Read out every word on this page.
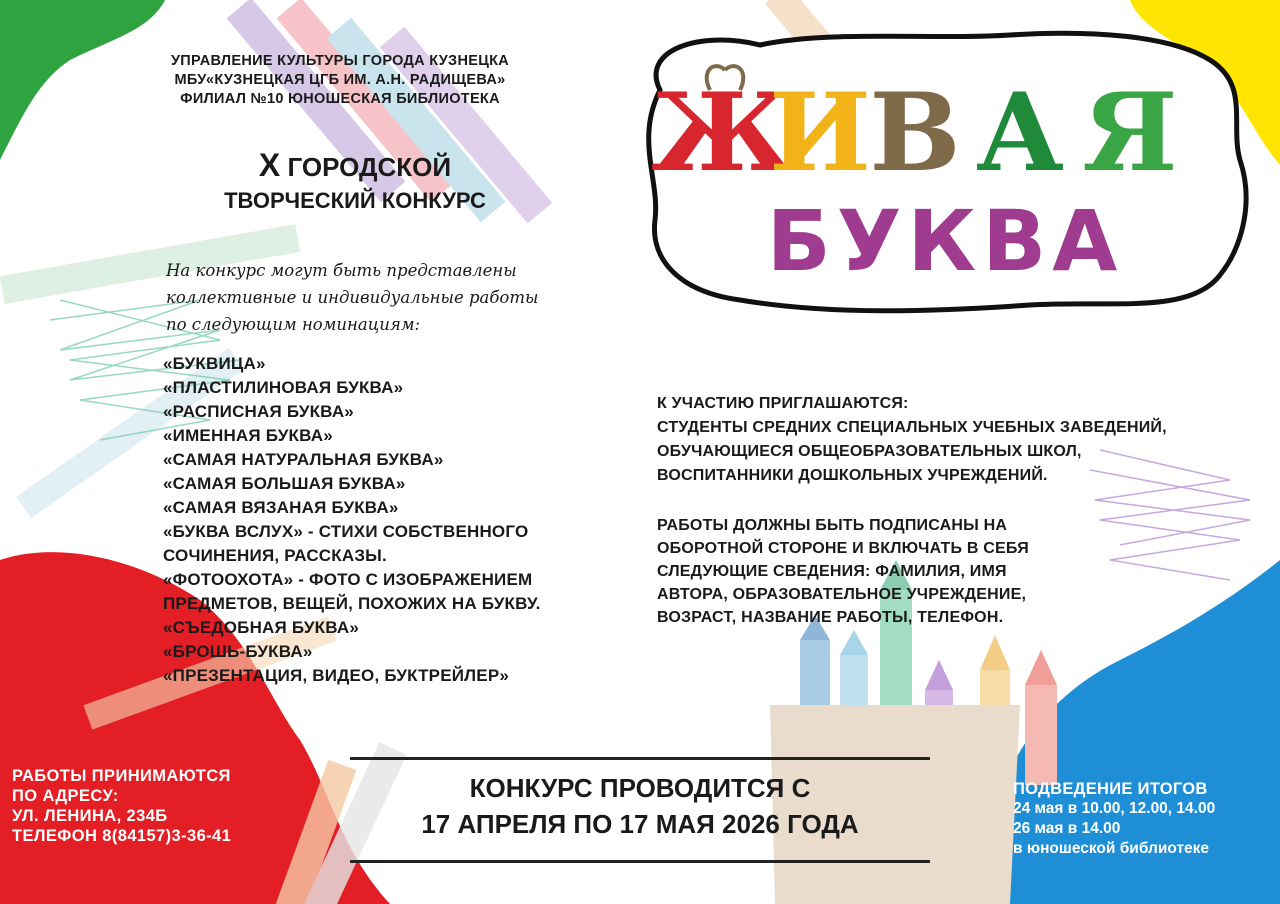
Ж
И
В А Я
БУКВА
УПРАВЛЕНИЕ КУЛЬТУРЫ ГОРОДА КУЗНЕЦКА
МБУ«КУЗНЕЦКАЯ ЦГБ ИМ. А.Н. РАДИЩЕВА»
ФИЛИАЛ №10 ЮНОШЕСКАЯ БИБЛИОТЕКА
Х ГОРОДСКОЙ
ТВОРЧЕСКИЙ КОНКУРС
На конкурс могут быть представлены
коллективные и индивидуальные работы
по следующим номинациям:
«БУКВИЦА»
«ПЛАСТИЛИНОВАЯ БУКВА»
«РАСПИСНАЯ БУКВА»
«ИМЕННАЯ БУКВА»
«САМАЯ НАТУРАЛЬНАЯ БУКВА»
«САМАЯ БОЛЬШАЯ БУКВА»
«САМАЯ ВЯЗАНАЯ БУКВА»
«БУКВА ВСЛУХ» - СТИХИ СОБСТВЕННОГО
СОЧИНЕНИЯ, РАССКАЗЫ.
«ФОТООХОТА» - ФОТО С ИЗОБРАЖЕНИЕМ
ПРЕДМЕТОВ, ВЕЩЕЙ, ПОХОЖИХ НА БУКВУ.
«СЪЕДОБНАЯ БУКВА»
«БРОШЬ-БУКВА»
«ПРЕЗЕНТАЦИЯ, ВИДЕО, БУКТРЕЙЛЕР»
К УЧАСТИЮ ПРИГЛАШАЮТСЯ:
СТУДЕНТЫ СРЕДНИХ СПЕЦИАЛЬНЫХ УЧЕБНЫХ ЗАВЕДЕНИЙ,
ОБУЧАЮЩИЕСЯ ОБЩЕОБРАЗОВАТЕЛЬНЫХ ШКОЛ,
ВОСПИТАННИКИ ДОШКОЛЬНЫХ УЧРЕЖДЕНИЙ.
РАБОТЫ ДОЛЖНЫ БЫТЬ ПОДПИСАНЫ НА
ОБОРОТНОЙ СТОРОНЕ И ВКЛЮЧАТЬ В СЕБЯ
СЛЕДУЮЩИЕ СВЕДЕНИЯ: ФАМИЛИЯ, ИМЯ
АВТОРА, ОБРАЗОВАТЕЛЬНОЕ УЧРЕЖДЕНИЕ,
ВОЗРАСТ, НАЗВАНИЕ РАБОТЫ, ТЕЛЕФОН.
РАБОТЫ ПРИНИМАЮТСЯ
ПО АДРЕСУ:
УЛ. ЛЕНИНА, 234Б
ТЕЛЕФОН 8(84157)3-36-41
КОНКУРС ПРОВОДИТСЯ С
17 АПРЕЛЯ ПО 17 МАЯ 2026 ГОДА
ПОДВЕДЕНИЕ ИТОГОВ
24 мая в 10.00, 12.00, 14.00
26 мая в 14.00
в юношеской библиотеке
